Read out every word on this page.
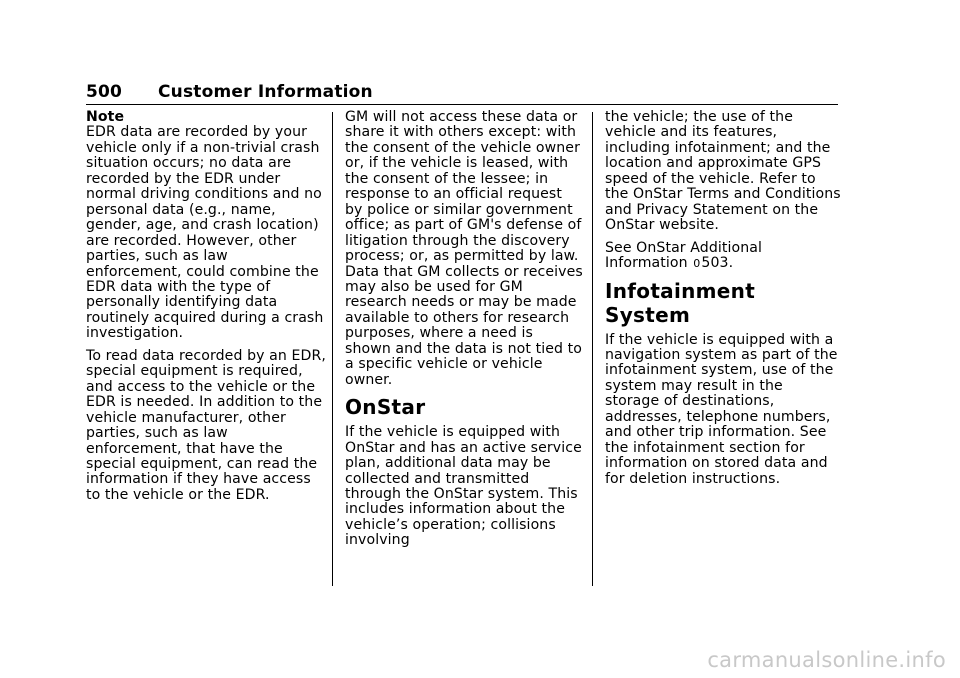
500 Customer Information

Note

EDR data are recorded by your vehicle only if a non-trivial crash situation occurs; no data are recorded by the EDR under normal driving conditions and no personal data (e.g., name, gender, age, and crash location) are recorded. However, other parties, such as law enforcement, could combine the EDR data with the type of personally identifying data routinely acquired during a crash investigation.

To read data recorded by an EDR, special equipment is required, and access to the vehicle or the EDR is needed. In addition to the vehicle manufacturer, other parties, such as law enforcement, that have the special equipment, can read the information if they have access to the vehicle or the EDR.

GM will not access these data or share it with others except: with the consent of the vehicle owner or, if the vehicle is leased, with the consent of the lessee; in response to an official request by police or similar government office; as part of GM's defense of litigation through the discovery process; or, as permitted by law. Data that GM collects or receives may also be used for GM research needs or may be made available to others for research purposes, where a need is shown and the data is not tied to a specific vehicle or vehicle owner.

OnStar

If the vehicle is equipped with OnStar and has an active service plan, additional data may be collected and transmitted through the OnStar system. This includes information about the vehicle’s operation; collisions involving

the vehicle; the use of the vehicle and its features, including infotainment; and the location and approximate GPS speed of the vehicle. Refer to the OnStar Terms and Conditions and Privacy Statement on the OnStar website.

See OnStar Additional Information 0503.

Infotainment System

If the vehicle is equipped with a navigation system as part of the infotainment system, use of the system may result in the storage of destinations, addresses, telephone numbers, and other trip information. See the infotainment section for information on stored data and for deletion instructions.

carmanualsonline.info
